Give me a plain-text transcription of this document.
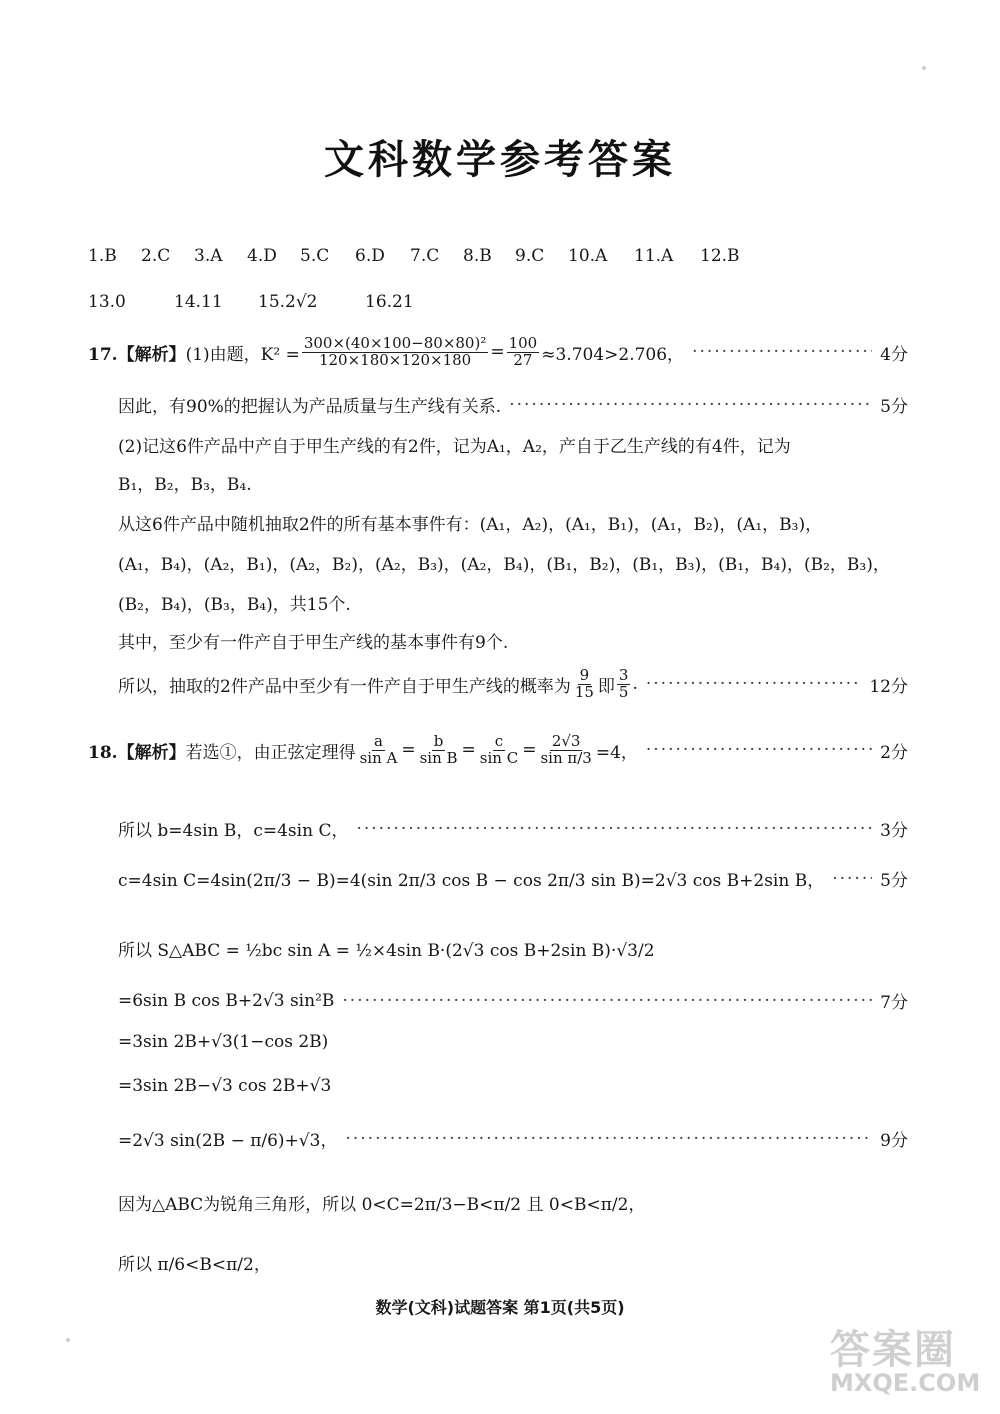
文科数学参考答案
1.B 2.C 3.A 4.D 5.C 6.D 7.C 8.B 9.C 10.A 11.A 12.B
13.0	14.11 15.2√2	16.21
17.【解析】 (1)由题，$K^2 = \frac{\text{300×(40×100−80×80)²}}{120\times 180\times 120\times 180} = \frac{100}{27} \approx 3.704>2.706$， ·····	4分
因此，有90%的把握认为产品质量与生产线有关系. ·····	5分
(2)记这6件产品中产自于甲生产线的有2件，记为A₁，A₂，产自于乙生产线的有4件，记为
B₁，B₂，B₃，B₄.
从这6件产品中随机抽取2件的所有基本事件有：(A₁，A₂)，(A₁，B₁)，(A₁，B₂)，(A₁，B₃)，
(A₁，B₄)，(A₂，B₁)，(A₂，B₂)，(A₂，B₃)，(A₂，B₄)，(B₁，B₂)，(B₁，B₃)，(B₁，B₄)，(B₂，B₃)，
(B₂，B₄)，(B₃，B₄)，共15个.
其中，至少有一件产自于甲生产线的基本事件有9个.
所以，抽取的2件产品中至少有一件产自于甲生产线的概率为 $\frac{9}{15}$ 即 $\frac{3}{5}$ . ·····	12分
18.【解析】 若选①，由正弦定理得 $\frac{a}{\text{sin A}} = \frac{b}{\text{sin B}} = \frac{c}{\text{sin C}} = \frac{2√3}{\text{sin π/3}} =4$， ·····	2分
所以 b=4sin B，c=4sin C， ·····	3分
c=4sin C=4sin(2π/3 − B)=4(sin 2π/3 cos B − cos 2π/3 sin B)=2√3 cos B+2sin B， ·····	5分
所以 S△ABC = ½bc sin A = ½×4sin B·(2√3 cos B+2sin B)·√3/2
=6sin B cos B+2√3 sin²B ·····	7分
=3sin 2B+√3(1−cos 2B)
=3sin 2B−√3 cos 2B+√3
=2√3 sin(2B − π/6)+√3， ·····	9分
因为△ABC为锐角三角形，所以 0<C=2π/3−B<π/2 且 0<B<π/2，
所以 π/6<B<π/2，
数学(文科)试题答案 第1页(共5页)
答案圈
MXQE.COM
